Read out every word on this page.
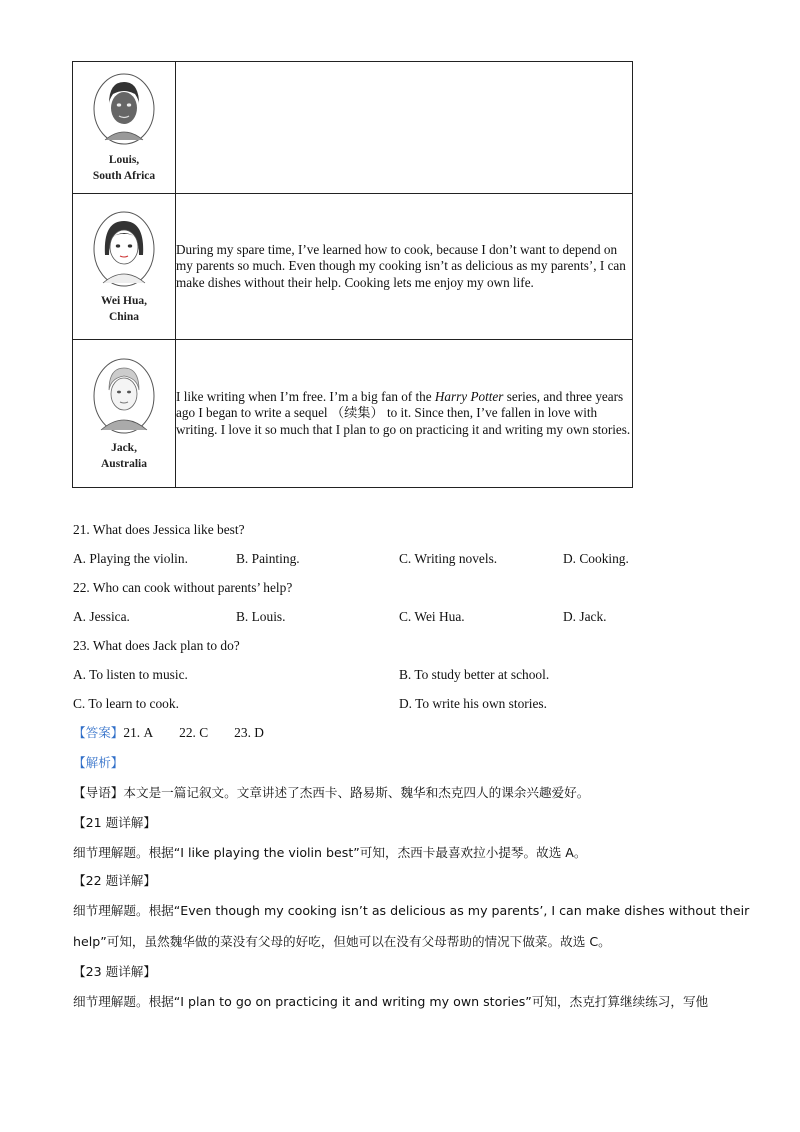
Louis,
South Africa	

Wei Hua,
China	During my spare time, I’ve learned how to cook, because I don’t want to depend on my parents so much. Even though my cooking isn’t as delicious as my parents’, I can make dishes without their help. Cooking lets me enjoy my own life.

Jack,
Australia	I like writing when I’m free. I’m a big fan of the Harry Potter series, and three years ago I began to write a sequel （续集） to it. Since then, I’ve fallen in love with writing. I love it so much that I plan to go on practicing it and writing my own stories.
21. What does Jessica like best?
A. Playing the violin.	B. Painting.	C. Writing novels.	D. Cooking.
22. Who can cook without parents’ help?
A. Jessica.	B. Louis.	C. Wei Hua.	D. Jack.
23. What does Jack plan to do?
A. To listen to music.	B. To study better at school.
C. To learn to cook.	D. To write his own stories.
【答案】21. A 22. C 23. D
【解析】
【导语】本文是一篇记叙文。文章讲述了杰西卡、路易斯、魏华和杰克四人的课余兴趣爱好。
【21 题详解】
细节理解题。根据“I like playing the violin best”可知，杰西卡最喜欢拉小提琴。故选 A。
【22 题详解】
细节理解题。根据“Even though my cooking isn’t as delicious as my parents’, I can make dishes without their
help”可知，虽然魏华做的菜没有父母的好吃，但她可以在没有父母帮助的情况下做菜。故选 C。
【23 题详解】
细节理解题。根据“I plan to go on practicing it and writing my own stories”可知，杰克打算继续练习，写他
